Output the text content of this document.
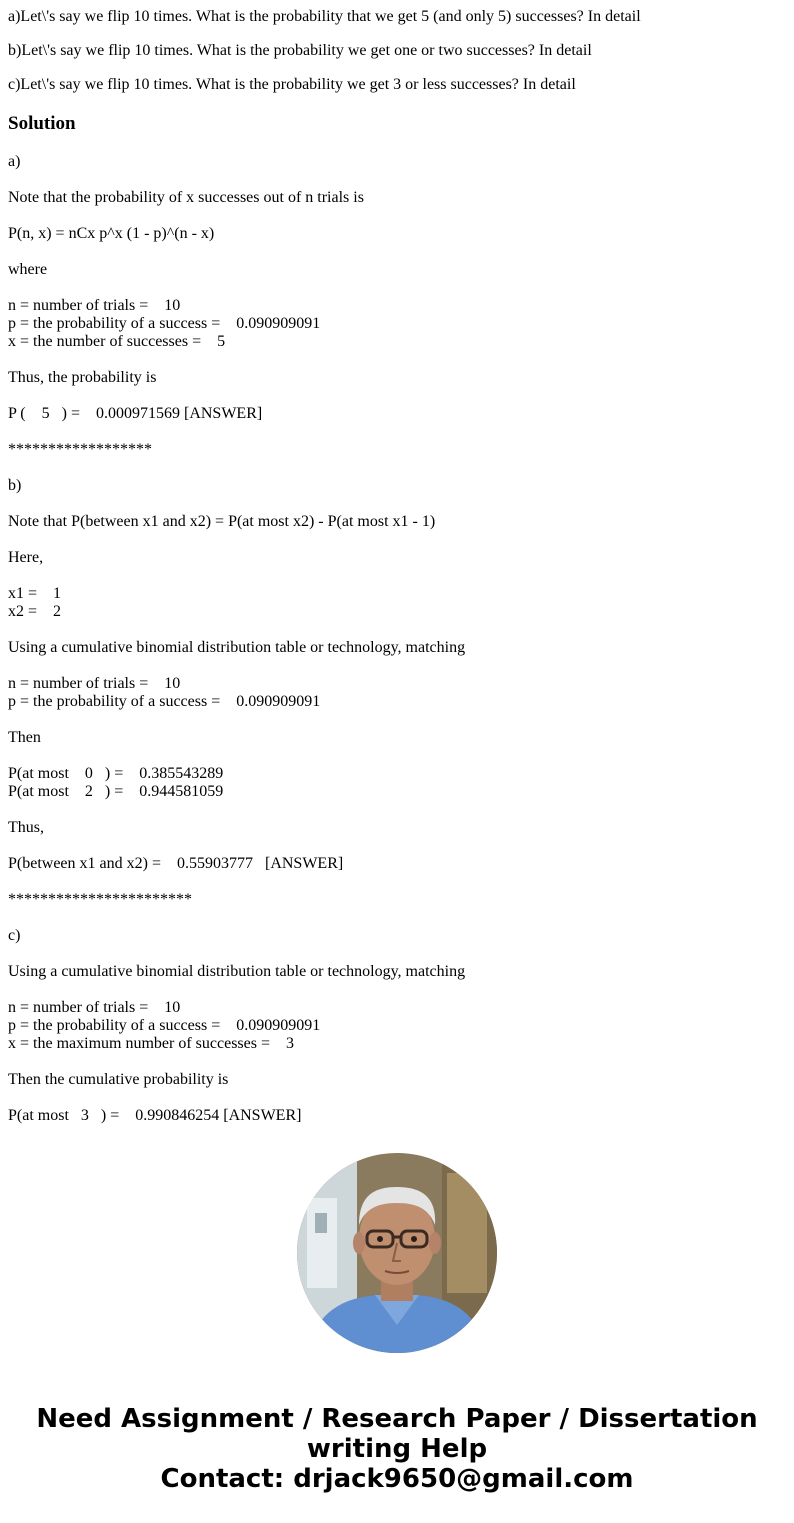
a)Let\'s say we flip 10 times. What is the probability that we get 5 (and only 5) successes? In detail

b)Let\'s say we flip 10 times. What is the probability we get one or two successes? In detail

c)Let\'s say we flip 10 times. What is the probability we get 3 or less successes? In detail

Solution
a)
Note that the probability of x successes out of n trials is
P(n, x) = nCx p^x (1 - p)^(n - x)
where
n = number of trials =    10
p = the probability of a success =    0.090909091
x = the number of successes =    5
Thus, the probability is
P (    5   ) =    0.000971569 [ANSWER]
******************
b)
Note that P(between x1 and x2) = P(at most x2) - P(at most x1 - 1)
Here,
x1 =    1
x2 =    2
Using a cumulative binomial distribution table or technology, matching
n = number of trials =    10
p = the probability of a success =    0.090909091
Then
P(at most    0   ) =    0.385543289
P(at most    2   ) =    0.944581059
Thus,
P(between x1 and x2) =    0.55903777   [ANSWER]
***********************
c)
Using a cumulative binomial distribution table or technology, matching
n = number of trials =    10
p = the probability of a success =    0.090909091
x = the maximum number of successes =    3
Then the cumulative probability is
P(at most   3   ) =    0.990846254 [ANSWER]
Need Assignment / Research Paper / Dissertation
writing Help
Contact: drjack9650@gmail.com
